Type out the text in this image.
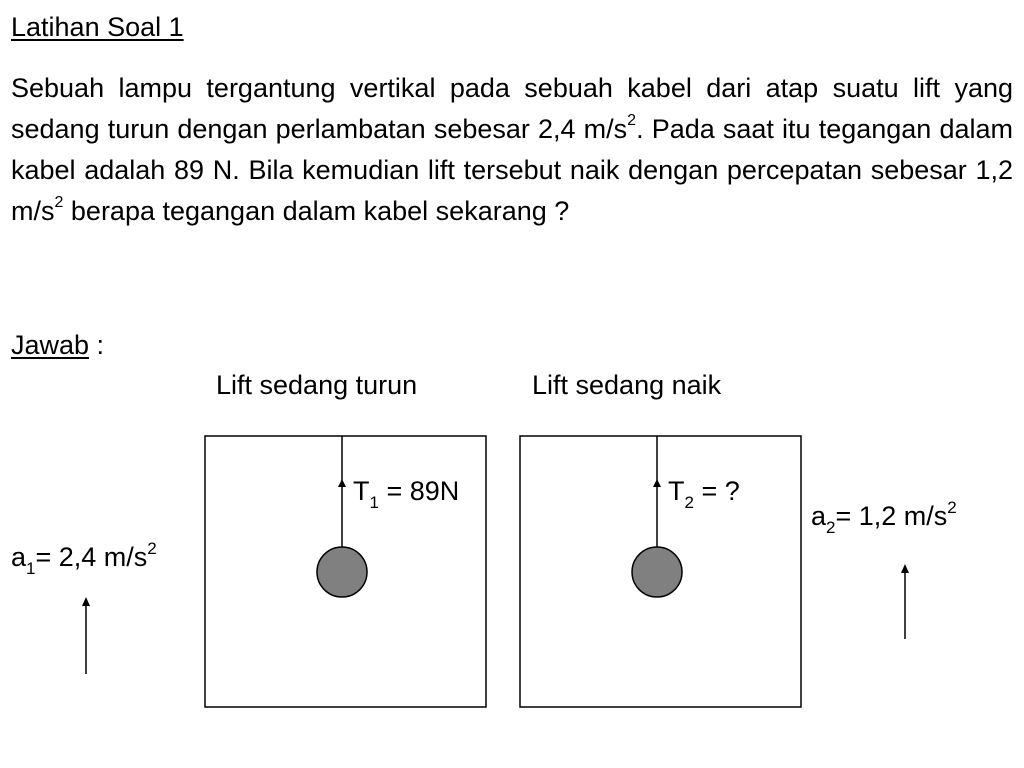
Latihan Soal 1

Sebuah lampu tergantung vertikal pada sebuah kabel dari atap suatu lift yang sedang turun dengan perlambatan sebesar 2,4 $m/s^2$. Pada saat itu tegangan dalam kabel adalah 89 N. Bila kemudian lift tersebut naik dengan percepatan sebesar 1,2 $m/s^2$ berapa tegangan dalam kabel sekarang ?

Jawab :
Lift sedang turun	Lift sedang naik
$T_1 = 89N$	$T_2$ = ?
$a_1= 2,4$ $m/s^2$
$a_2= 1,2$ $m/s^2$
